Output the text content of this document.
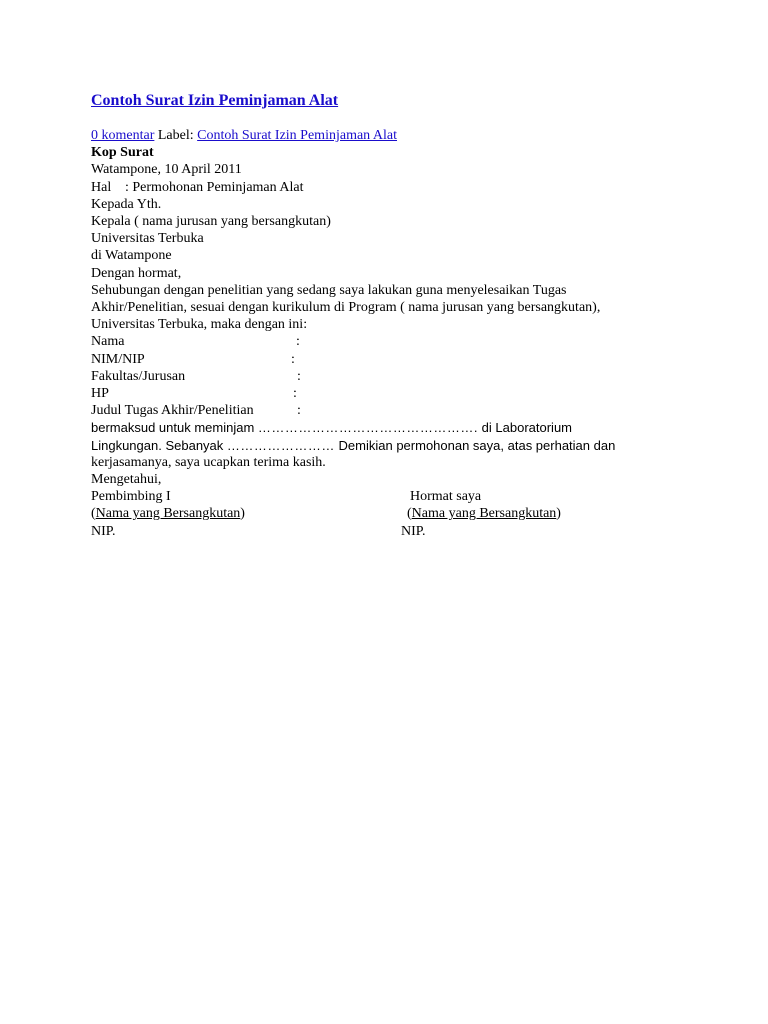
Contoh Surat Izin Peminjaman Alat
0 komentar Label: Contoh Surat Izin Peminjaman Alat
Kop Surat
Watampone, 10 April 2011
Hal : Permohonan Peminjaman Alat
Kepada Yth.
Kepala ( nama jurusan yang bersangkutan)
Universitas Terbuka
di Watampone
Dengan hormat,
Sehubungan dengan penelitian yang sedang saya lakukan guna menyelesaikan Tugas
Akhir/Penelitian, sesuai dengan kurikulum di Program ( nama jurusan yang bersangkutan),
Universitas Terbuka, maka dengan ini:
Nama	:
NIM/NIP	:
Fakultas/Jurusan	:
HP	:
Judul Tugas Akhir/Penelitian	:
bermaksud untuk meminjam …………………………………………. di Laboratorium
Lingkungan. Sebanyak …………………… Demikian permohonan saya, atas perhatian dan
kerjasamanya, saya ucapkan terima kasih.
Mengetahui,
Pembimbing I	Hormat saya
(Nama yang Bersangkutan)	(Nama yang Bersangkutan)
NIP.	NIP.
